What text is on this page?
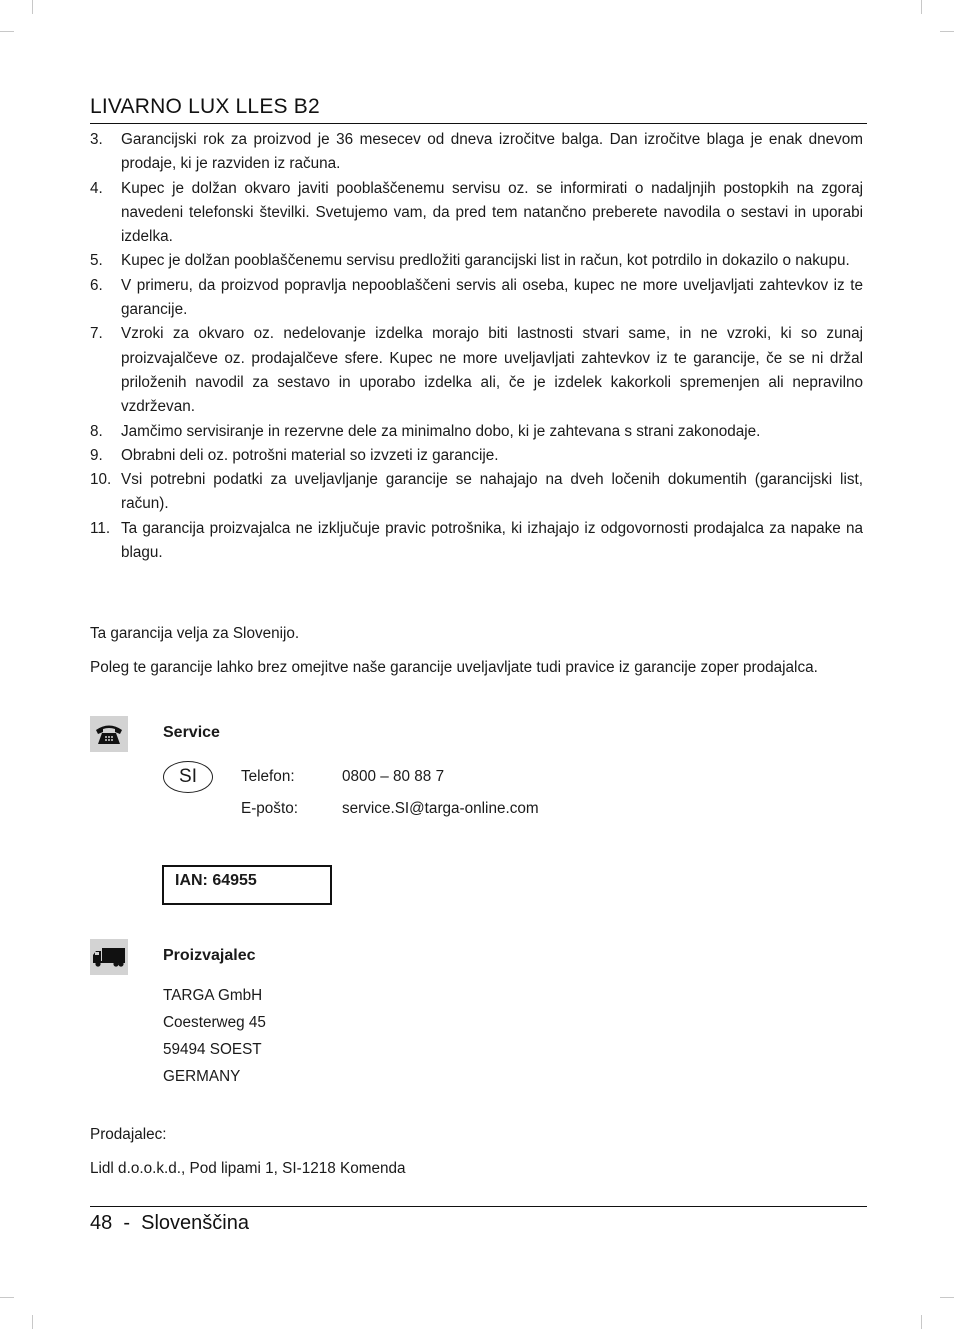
LIVARNO LUX LLES B2
3. Garancijski rok za proizvod je 36 mesecev od dneva izročitve balga. Dan izročitve blaga je enak dnevom prodaje, ki je razviden iz računa.
4. Kupec je dolžan okvaro javiti pooblaščenemu servisu oz. se informirati o nadaljnjih postopkih na zgoraj navedeni telefonski številki. Svetujemo vam, da pred tem natančno preberete navodila o sestavi in uporabi izdelka.
5. Kupec je dolžan pooblaščenemu servisu predložiti garancijski list in račun, kot potrdilo in dokazilo o nakupu.
6. V primeru, da proizvod popravlja nepooblaščeni servis ali oseba, kupec ne more uveljavljati zahtevkov iz te garancije.
7. Vzroki za okvaro oz. nedelovanje izdelka morajo biti lastnosti stvari same, in ne vzroki, ki so zunaj proizvajalčeve oz. prodajalčeve sfere. Kupec ne more uveljavljati zahtevkov iz te garancije, če se ni držal priloženih navodil za sestavo in uporabo izdelka ali, če je izdelek kakorkoli spremenjen ali nepravilno vzdrževan.
8. Jamčimo servisiranje in rezervne dele za minimalno dobo, ki je zahtevana s strani zakonodaje.
9. Obrabni deli oz. potrošni material so izvzeti iz garancije.
10. Vsi potrebni podatki za uveljavljanje garancije se nahajajo na dveh ločenih dokumentih (garancijski list, račun).
11. Ta garancija proizvajalca ne izključuje pravic potrošnika, ki izhajajo iz odgovornosti prodajalca za napake na blagu.
Ta garancija velja za Slovenijo.
Poleg te garancije lahko brez omejitve naše garancije uveljavljate tudi pravice iz garancije zoper prodajalca.
Service
SI	Telefon:	0800 – 80 88 7
E-pošto:	service.SI@targa-online.com
IAN: 64955
Proizvajalec
TARGA GmbH
Coesterweg 45
59494 SOEST
GERMANY
Prodajalec:
Lidl d.o.o.k.d., Pod lipami 1, SI-1218 Komenda
48  -  Slovenščina
